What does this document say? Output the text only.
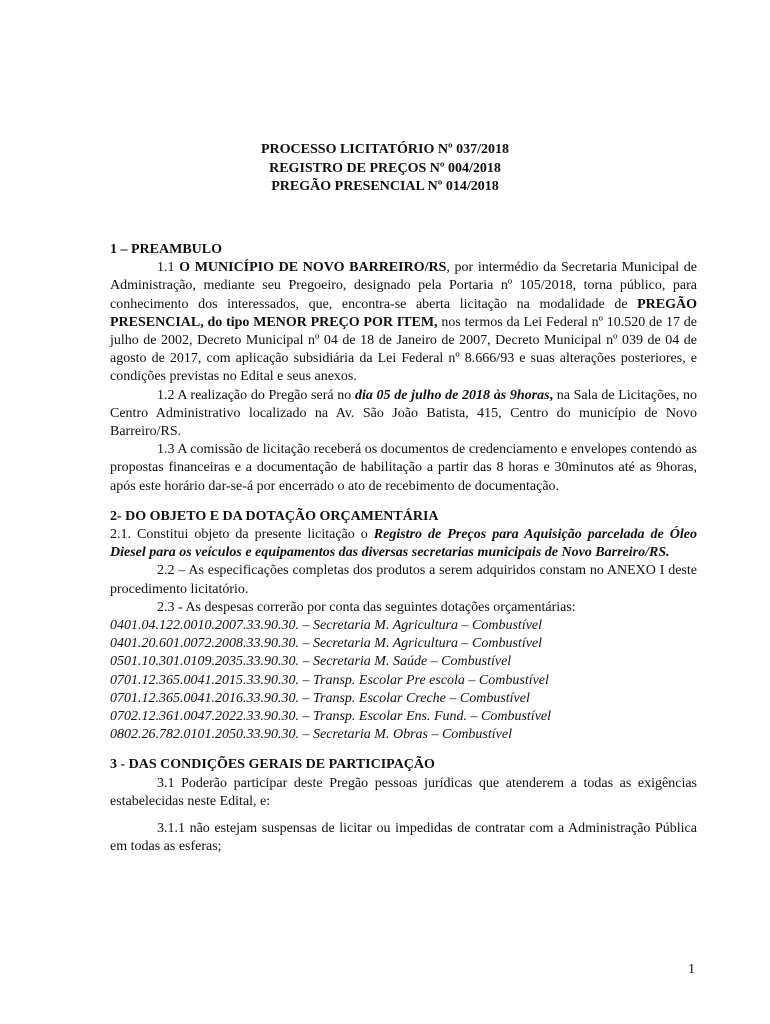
PROCESSO LICITATÓRIO Nº 037/2018
REGISTRO DE PREÇOS Nº 004/2018
PREGÃO PRESENCIAL Nº 014/2018

1 – PREAMBULO

1.1 O MUNICÍPIO DE NOVO BARREIRO/RS, por intermédio da Secretaria Municipal de Administração, mediante seu Pregoeiro, designado pela Portaria nº 105/2018, torna público, para conhecimento dos interessados, que, encontra-se aberta licitação na modalidade de PREGÃO PRESENCIAL, do tipo MENOR PREÇO POR ITEM, nos termos da Lei Federal nº 10.520 de 17 de julho de 2002, Decreto Municipal nº 04 de 18 de Janeiro de 2007, Decreto Municipal nº 039 de 04 de agosto de 2017, com aplicação subsidiária da Lei Federal nº 8.666/93 e suas alterações posteriores, e condições previstas no Edital e seus anexos.

1.2 A realização do Pregão será no dia 05 de julho de 2018 às 9horas, na Sala de Licitações, no Centro Administrativo localizado na Av. São João Batista, 415, Centro do município de Novo Barreiro/RS.

1.3 A comissão de licitação receberá os documentos de credenciamento e envelopes contendo as propostas financeiras e a documentação de habilitação a partir das 8 horas e 30minutos até as 9horas, após este horário dar-se-á por encerrado o ato de recebimento de documentação.

2- DO OBJETO E DA DOTAÇÃO ORÇAMENTÁRIA

2.1. Constitui objeto da presente licitação o Registro de Preços para Aquisição parcelada de Óleo Diesel para os veículos e equipamentos das diversas secretarias municipais de Novo Barreiro/RS.

2.2 – As especificações completas dos produtos a serem adquiridos constam no ANEXO I deste procedimento licitatório.

2.3 - As despesas correrão por conta das seguintes dotações orçamentárias:

0401.04.122.0010.2007.33.90.30. – Secretaria M. Agricultura – Combustível

0401.20.601.0072.2008.33.90.30. – Secretaria M. Agricultura – Combustível

0501.10.301.0109.2035.33.90.30. – Secretaria M. Saúde – Combustível

0701.12.365.0041.2015.33.90.30. – Transp. Escolar Pre escola – Combustível

0701.12.365.0041.2016.33.90.30. – Transp. Escolar Creche – Combustível

0702.12.361.0047.2022.33.90.30. – Transp. Escolar Ens. Fund. – Combustível

0802.26.782.0101.2050.33.90.30. – Secretaria M. Obras – Combustível

3 - DAS CONDIÇÕES GERAIS DE PARTICIPAÇÃO

3.1 Poderão participar deste Pregão pessoas jurídicas que atenderem a todas as exigências estabelecidas neste Edital, e:

3.1.1 não estejam suspensas de licitar ou impedidas de contratar com a Administração Pública em todas as esferas;

1
